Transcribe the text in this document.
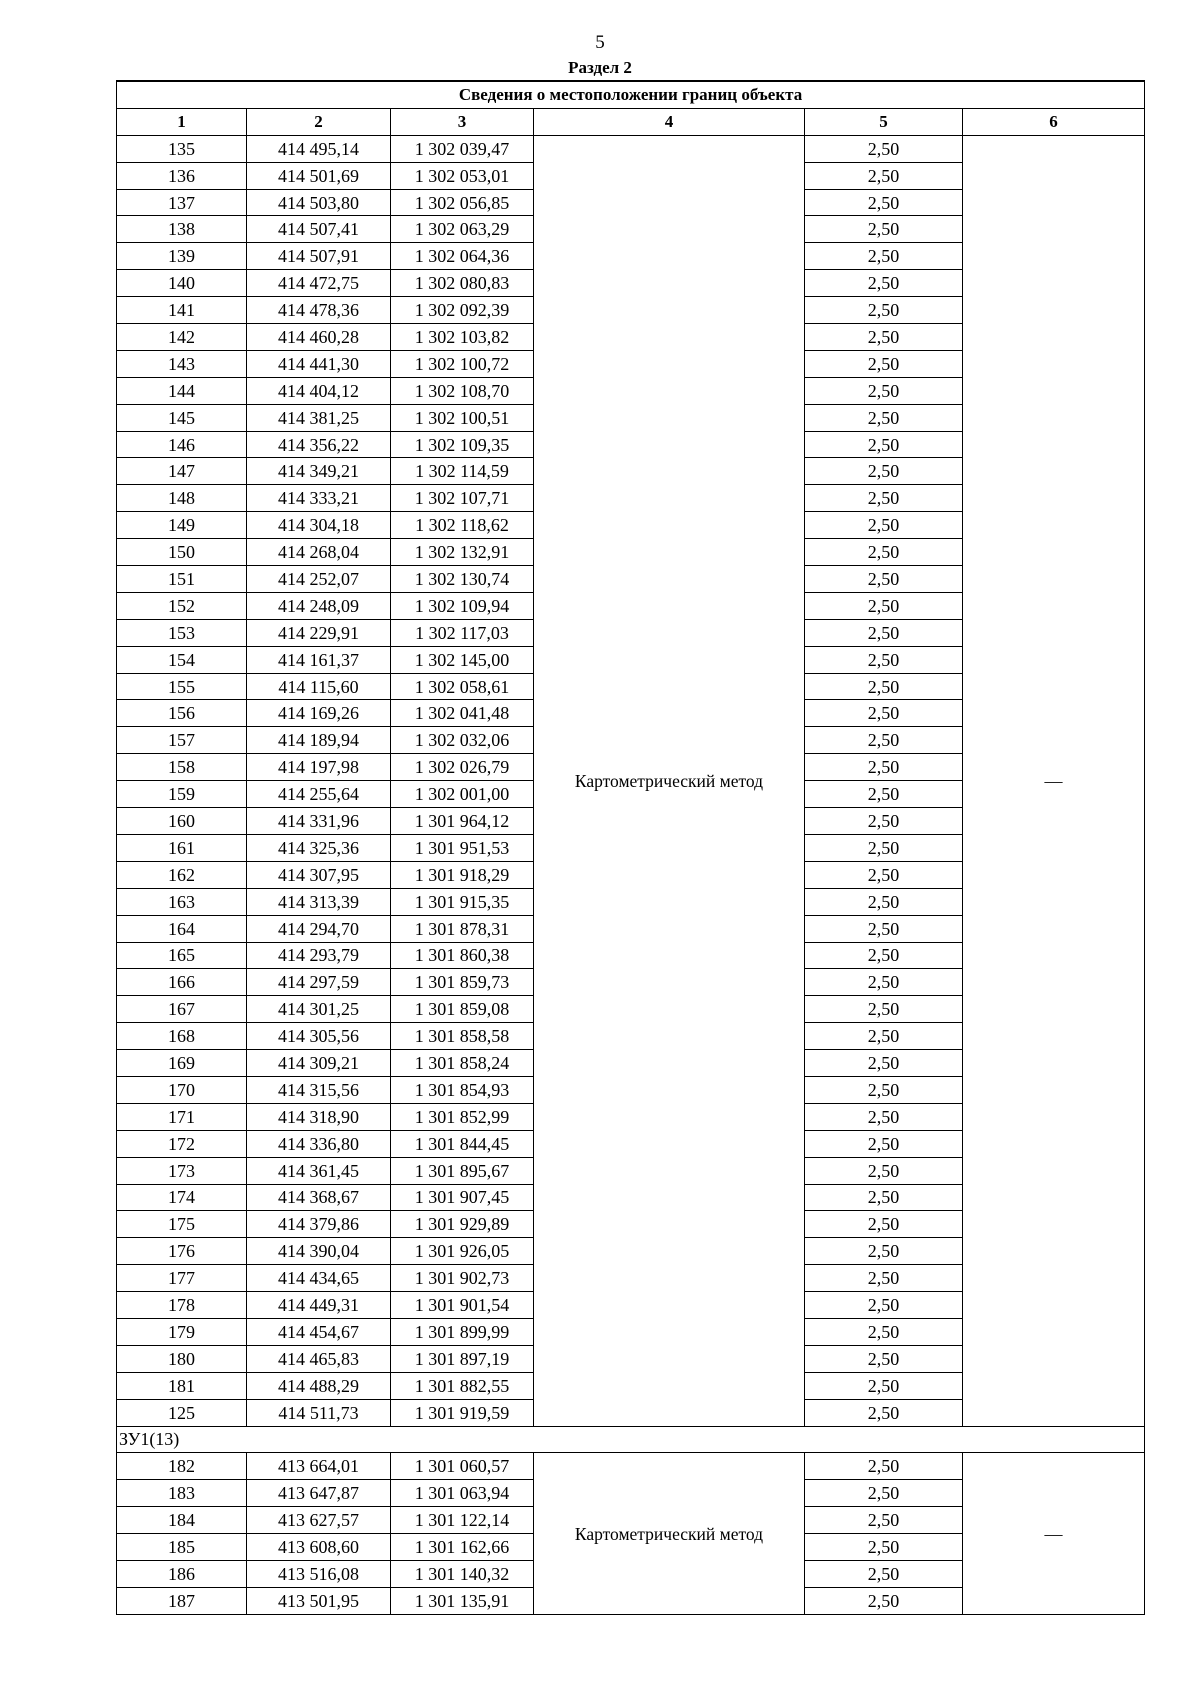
5
Раздел 2
Сведения о местоположении границ объекта					
1	2	3	4	5	6
135	414 495,14	1 302 039,47	Картометрический метод	2,50	—
136	414 501,69	1 302 053,01		2,50	
137	414 503,80	1 302 056,85		2,50	
138	414 507,41	1 302 063,29		2,50	
139	414 507,91	1 302 064,36		2,50	
140	414 472,75	1 302 080,83		2,50	
141	414 478,36	1 302 092,39		2,50	
142	414 460,28	1 302 103,82		2,50	
143	414 441,30	1 302 100,72		2,50	
144	414 404,12	1 302 108,70		2,50	
145	414 381,25	1 302 100,51		2,50	
146	414 356,22	1 302 109,35		2,50	
147	414 349,21	1 302 114,59		2,50	
148	414 333,21	1 302 107,71		2,50	
149	414 304,18	1 302 118,62		2,50	
150	414 268,04	1 302 132,91		2,50	
151	414 252,07	1 302 130,74		2,50	
152	414 248,09	1 302 109,94		2,50	
153	414 229,91	1 302 117,03		2,50	
154	414 161,37	1 302 145,00		2,50	
155	414 115,60	1 302 058,61		2,50	
156	414 169,26	1 302 041,48		2,50	
157	414 189,94	1 302 032,06		2,50	
158	414 197,98	1 302 026,79		2,50	
159	414 255,64	1 302 001,00		2,50	
160	414 331,96	1 301 964,12		2,50	
161	414 325,36	1 301 951,53		2,50	
162	414 307,95	1 301 918,29		2,50	
163	414 313,39	1 301 915,35		2,50	
164	414 294,70	1 301 878,31		2,50	
165	414 293,79	1 301 860,38		2,50	
166	414 297,59	1 301 859,73		2,50	
167	414 301,25	1 301 859,08		2,50	
168	414 305,56	1 301 858,58		2,50	
169	414 309,21	1 301 858,24		2,50	
170	414 315,56	1 301 854,93		2,50	
171	414 318,90	1 301 852,99		2,50	
172	414 336,80	1 301 844,45		2,50	
173	414 361,45	1 301 895,67		2,50	
174	414 368,67	1 301 907,45		2,50	
175	414 379,86	1 301 929,89		2,50	
176	414 390,04	1 301 926,05		2,50	
177	414 434,65	1 301 902,73		2,50	
178	414 449,31	1 301 901,54		2,50	
179	414 454,67	1 301 899,99		2,50	
180	414 465,83	1 301 897,19		2,50	
181	414 488,29	1 301 882,55		2,50	
125	414 511,73	1 301 919,59		2,50	
ЗУ1(13)					
182	413 664,01	1 301 060,57	Картометрический метод	2,50	—
183	413 647,87	1 301 063,94		2,50	
184	413 627,57	1 301 122,14		2,50	
185	413 608,60	1 301 162,66		2,50	
186	413 516,08	1 301 140,32		2,50	
187	413 501,95	1 301 135,91		2,50	
